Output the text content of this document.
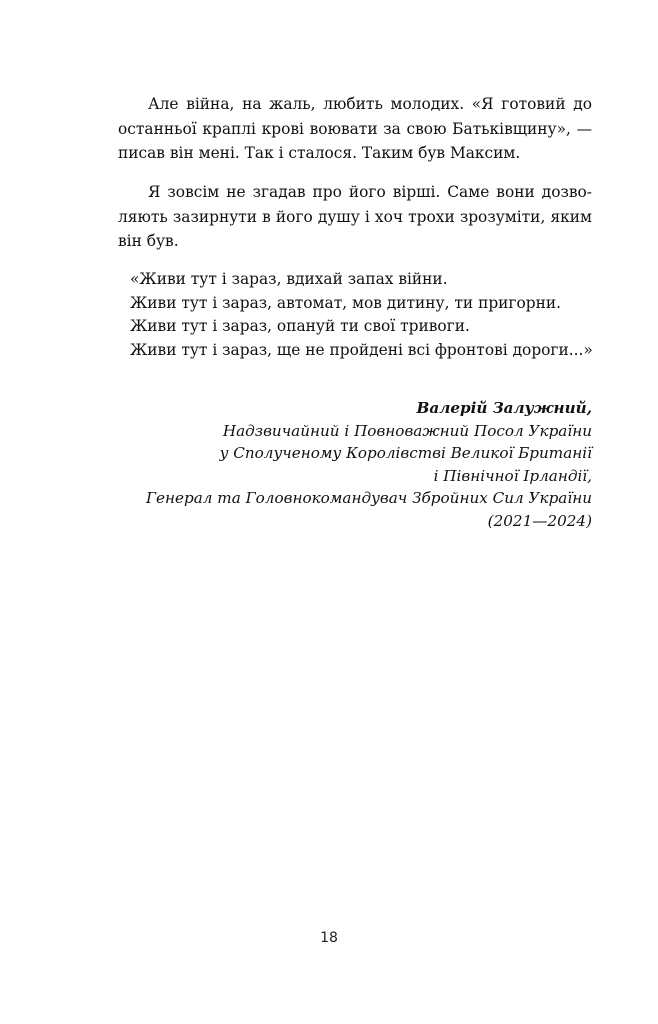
Але війна, на жаль, любить молодих. «Я готовий до
останньої краплі крові воювати за свою Батьківщину», —
писав він мені. Так і сталося. Таким був Максим.

Я зовсім не згадав про його вірші. Саме вони дозво-
ляють зазирнути в його душу і хоч трохи зрозуміти, яким
він був.

«Живи тут і зараз, вдихай запах війни.
Живи тут і зараз, автомат, мов дитину, ти пригорни.
Живи тут і зараз, опануй ти свої тривоги.
Живи тут і зараз, ще не пройдені всі фронтові дороги...»

Валерій Залужний,
Надзвичайний і Повноважний Посол України
у Сполученому Королівстві Великої Британії
і Північної Ірландії,
Генерал та Головнокомандувач Збройних Сил України
(2021—2024)
18
